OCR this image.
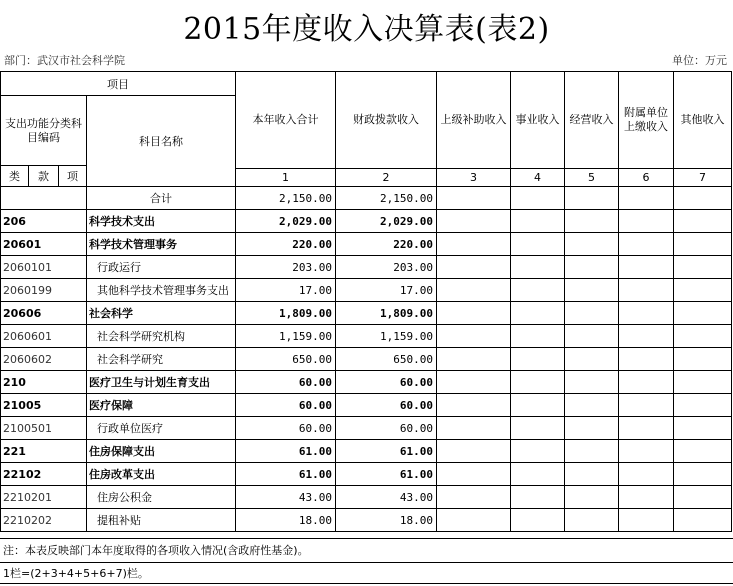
2015年度收入决算表(表2)
部门：武汉市社会科学院	单位：万元
项目				本年收入合计	财政拨款收入	上级补助收入	事业收入	经营收入	附属单位上缴收入	其他收入
支出功能分类科目编码			科目名称							
类	款	项								
				1	2	3	4	5	6	7
			合计	2,150.00	2,150.00					
206			科学技术支出	2,029.00	2,029.00					
20601			科学技术管理事务	220.00	220.00					
2060101			行政运行	203.00	203.00					
2060199			其他科学技术管理事务支出	17.00	17.00					
20606			社会科学	1,809.00	1,809.00					
2060601			社会科学研究机构	1,159.00	1,159.00					
2060602			社会科学研究	650.00	650.00					
210			医疗卫生与计划生育支出	60.00	60.00					
21005			医疗保障	60.00	60.00					
2100501			行政单位医疗	60.00	60.00					
221			住房保障支出	61.00	61.00					
22102			住房改革支出	61.00	61.00					
2210201			住房公积金	43.00	43.00					
2210202			提租补贴	18.00	18.00					
注：本表反映部门本年度取得的各项收入情况(含政府性基金)。
1栏=(2+3+4+5+6+7)栏。
